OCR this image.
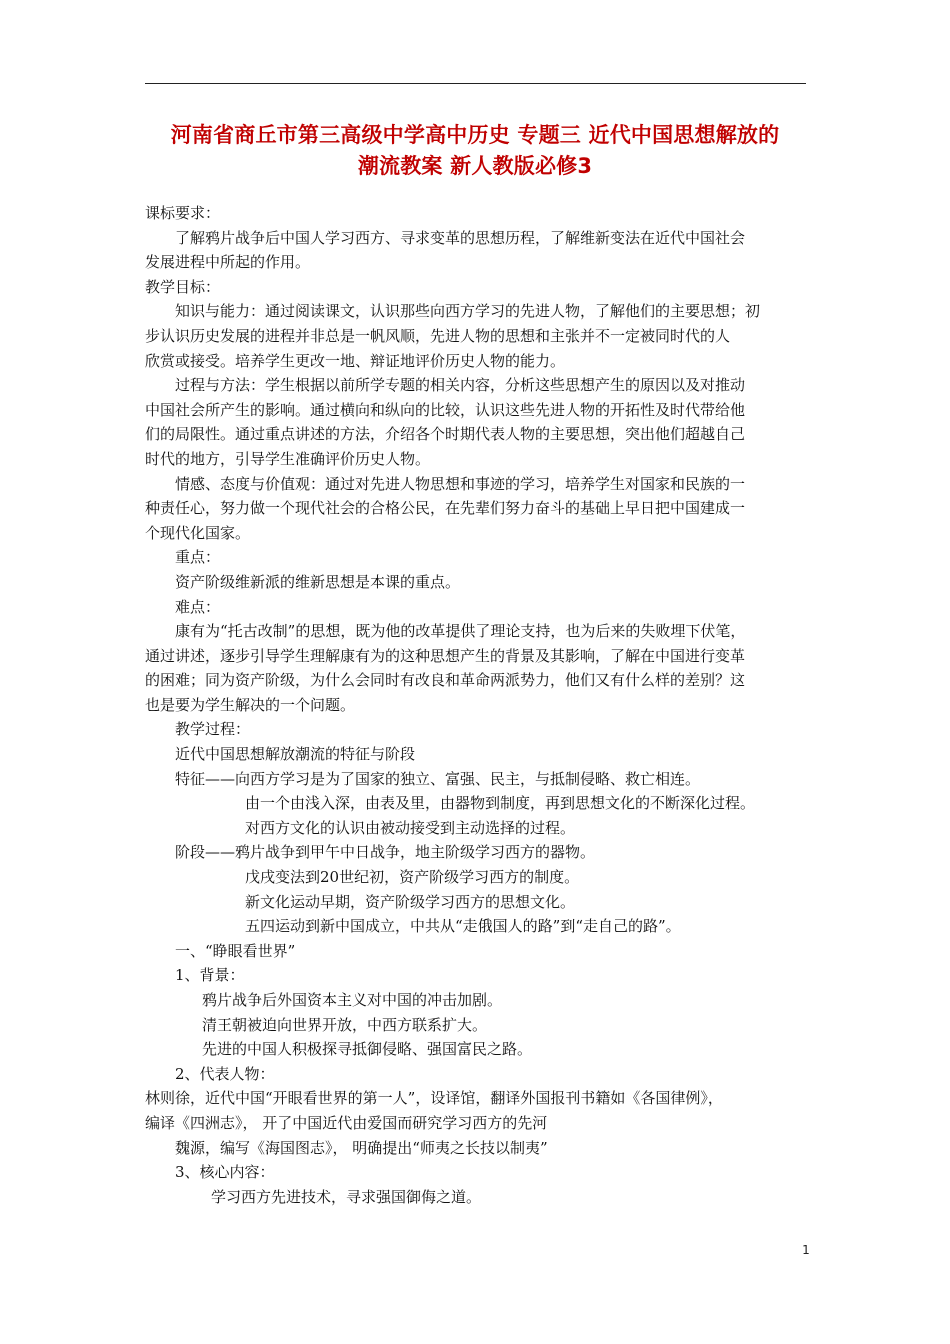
河南省商丘市第三高级中学高中历史 专题三 近代中国思想解放的
潮流教案 新人教版必修3

课标要求：

了解鸦片战争后中国人学习西方、寻求变革的思想历程，了解维新变法在近代中国社会

发展进程中所起的作用。

教学目标：

知识与能力：通过阅读课文，认识那些向西方学习的先进人物，了解他们的主要思想；初

步认识历史发展的进程并非总是一帆风顺，先进人物的思想和主张并不一定被同时代的人

欣赏或接受。培养学生更改一地、辩证地评价历史人物的能力。

过程与方法：学生根据以前所学专题的相关内容，分析这些思想产生的原因以及对推动

中国社会所产生的影响。通过横向和纵向的比较，认识这些先进人物的开拓性及时代带给他

们的局限性。通过重点讲述的方法，介绍各个时期代表人物的主要思想，突出他们超越自己

时代的地方，引导学生准确评价历史人物。

情感、态度与价值观：通过对先进人物思想和事迹的学习，培养学生对国家和民族的一

种责任心，努力做一个现代社会的合格公民，在先辈们努力奋斗的基础上早日把中国建成一

个现代化国家。

重点：

资产阶级维新派的维新思想是本课的重点。

难点：

康有为“托古改制”的思想，既为他的改革提供了理论支持，也为后来的失败埋下伏笔，

通过讲述，逐步引导学生理解康有为的这种思想产生的背景及其影响，了解在中国进行变革

的困难；同为资产阶级，为什么会同时有改良和革命两派势力，他们又有什么样的差别？这

也是要为学生解决的一个问题。

教学过程：

近代中国思想解放潮流的特征与阶段

特征——向西方学习是为了国家的独立、富强、民主，与抵制侵略、救亡相连。

由一个由浅入深，由表及里，由器物到制度，再到思想文化的不断深化过程。

对西方文化的认识由被动接受到主动选择的过程。

阶段——鸦片战争到甲午中日战争，地主阶级学习西方的器物。

戊戌变法到20世纪初，资产阶级学习西方的制度。

新文化运动早期，资产阶级学习西方的思想文化。

五四运动到新中国成立，中共从“走俄国人的路”到“走自己的路”。

一、“睁眼看世界”

1、背景：

鸦片战争后外国资本主义对中国的冲击加剧。

清王朝被迫向世界开放，中西方联系扩大。

先进的中国人积极探寻抵御侵略、强国富民之路。

2、代表人物：

林则徐，近代中国“开眼看世界的第一人”，设译馆，翻译外国报刊书籍如《各国律例》，

编译《四洲志》， 开了中国近代由爱国而研究学习西方的先河

魏源，编写《海国图志》， 明确提出“师夷之长技以制夷”

3、核心内容：

学习西方先进技术，寻求强国御侮之道。

1
